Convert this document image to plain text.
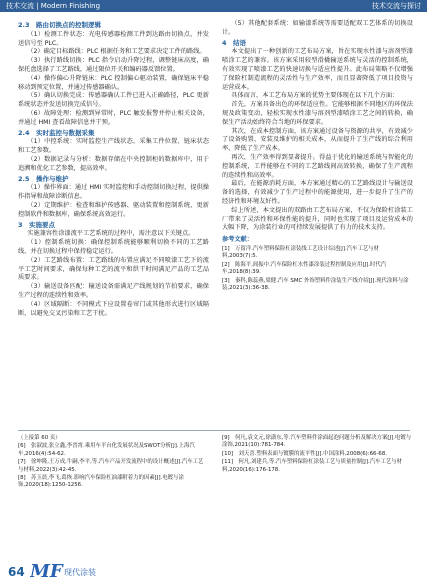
技术交流 | Modern Finishing	技术交流与探讨
2.3　路由切换点的控制逻辑
（1）检测工件状态：光电传感器检测工件到达路由切换点，并发送信号至 PLC。
（2）确定目标路线：PLC 根据任务和工艺要求决定工件的路线。
（3）执行路线切换：PLC 指令启动升降过程，调整链床高度，确保托盘选择了工艺路线，通过限位开关和编码器反馈位置。
（4）操作偏心升降链床：PLC 控制偏心驱动装置，确保链床平稳移动到预定位置，并通过传感器确认。
（5）确认切换完成：传感器确认工件已进入正确路径，PLC 更新系统状态并发送切换完成信号。
（6）故障处理：检测到异常时，PLC 触发报警并停止相关设备，并通过 HMI 查看故障信息并干预。
2.4　实时监控与数据采集
（1）中控系统：实时监控生产线状态，采集工件位置、链床状态和工艺参数。
（2）数据记录与分析：数据存储在中央控制柜的数据库中，用于追溯和优化工艺参数，提高效率。
2.5　操作与维护
（1）操作界面：通过 HMI 实时监控和手动控制切换过程，提供操作指导和故障诊断信息。
（2）定期维护：检查和维护传感器、驱动装置和控制系统，更新控制软件和数据库，确保系统高效运行。
3　实施要点
实施兼容性涂漆流平工艺系统的过程中，需注意以下关键点。
（1）控制系统切换：确保控制系统能够顺利切换不同的工艺路线，并在切换过程中保持稳定运行。
（2）工艺路线布置：工艺路线的布置应满足不同喷漆工艺下的流平工艺时间要求，确保每种工艺的流平和烘干时间满足产品的工艺品质要求。
（3）输送设备匹配：输送设备需满足产线规划的节拍要求，确保生产过程的连续性和效率。
（4）区域隔断：不同模式下应设置卷帘门或其他形式进行区域隔断，以避免交叉污染和工艺干扰。
（5）其他配套系统：如输漆系统等需要适配双工艺体系的切换设计。
4　结语
本文提出了一种创新的工艺布局方案，旨在实现水性漆与溶剂型漆喷涂工艺的兼容。该方案采用较型滑橇输送系统与灵活的控制系统，有效实现了喷漆工艺的快速切换与适应性提升。此布局策略不仅增强了保险杠制造流程的灵活性与生产效率，而且显著降低了项目投资与运营成本。
具体而言，本工艺布局方案的优势主要体现在以下几个方面：
首先，方案具备出色的环保适应性。它能够根据不同地区的环保法规及政策变动，轻松实现水性漆与溶剂型漆喷涂工艺之间的转换，确保生产活动始终符合当地的环保要求。
其次，在成本控制方面，该方案通过设备与资源的共享，有效减少了设备购置、安装及维护的相关成本，从而提升了生产线的综合利用率，降低了生产成本。
再次，生产效率得到显著提升。得益于优化的输送系统与智能化的控制系统，工件能够在不同的工艺路线间高效转换，确保了生产流程的连续性和高效率。
最后，在能源消耗方面，本方案通过精心的工艺路线设计与输送设备的选择，有效减少了生产过程中的能源使用，进一步提升了生产的经济性和环境友好性。
综上所述，本文提出的双路由工艺布局方案，不仅为保险杠涂装工厂带来了灵活性和环保性能的提升，同时也实现了项目及运营成本的大幅下降，为涂装行业的可持续发展提供了有力的技术支持。
参考文献：
[1]　万留洋.汽车塑料保险杠涂装线工艺设计综述[J].汽车工艺与材料,2003(7):5.
[2]　陈海平,阎振中.汽车保险杠水性漆涂装过程控制及应用[J].时代汽车,2018(8):39.
[3]　秦科,陈蕊燕,梁健.汽车 SMC 外饰塑料件涂装生产线介绍[J].现代涂料与涂装,2021(3):36-38.
（上接第 60 页）
[6]　张淑波,张立鑫,李晋霄.乘用车平台化发展状况及SWOT分析[J].上海汽车,2016(4):54-62.
[7]　徐坤隆,王万成,牛嗣,李平,等.汽车产品开发流程中的设计概述[J].汽车工艺与材料,2022(3):42-45.
[8]　苏玉晨,李飞,葛恢.影响汽车保险杠油漆附着力的因素[J].电镀与涂饰,2020(18):1250-1256.
[9]　何凡,袁文元,徐潇东,等.汽车塑料件涂面起泡问题分析及解决方案[J].电镀与涂饰,2021(10):781-784.
[10]　刘天喜.塑料表面与镀膜的流平性[J].中国涂料,2008(6):66-68.
[11]　何凡,刘建兵,等.汽车塑料保险杠涂装工艺与质量控制[J].汽车工艺与材料,2020(16):176-178.
64 MF 现代涂装
